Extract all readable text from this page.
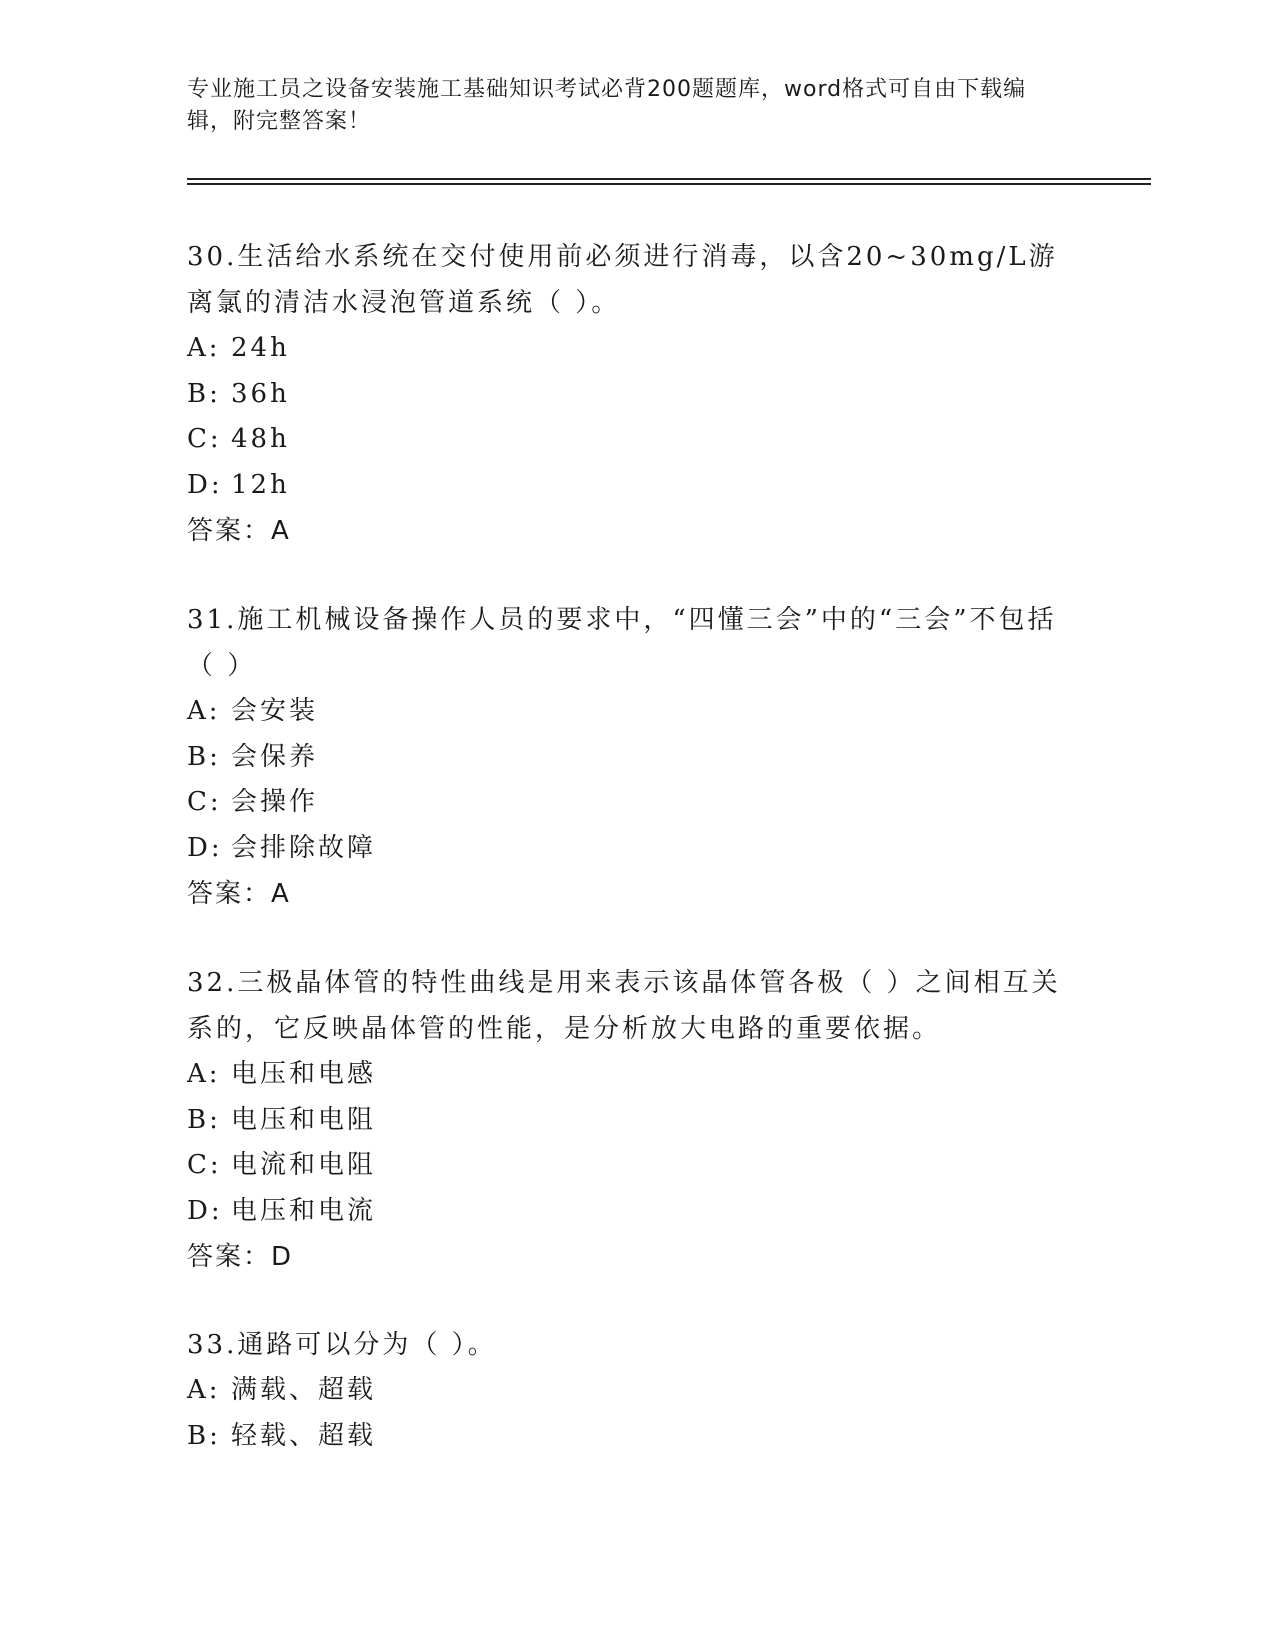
专业施工员之设备安装施工基础知识考试必背200题题库，word格式可自由下载编辑，附完整答案！

30.生活给水系统在交付使用前必须进行消毒，以含20~30mg/L游离氯的清洁水浸泡管道系统（ ）。

A: 24h

B: 36h

C: 48h

D: 12h

答案：A

31.施工机械设备操作人员的要求中，“四懂三会”中的“三会”不包括（ ）

A: 会安装

B: 会保养

C: 会操作

D: 会排除故障

答案：A

32.三极晶体管的特性曲线是用来表示该晶体管各极（ ）之间相互关系的，它反映晶体管的性能，是分析放大电路的重要依据。

A: 电压和电感

B: 电压和电阻

C: 电流和电阻

D: 电压和电流

答案：D

33.通路可以分为（ ）。

A: 满载、超载

B: 轻载、超载
